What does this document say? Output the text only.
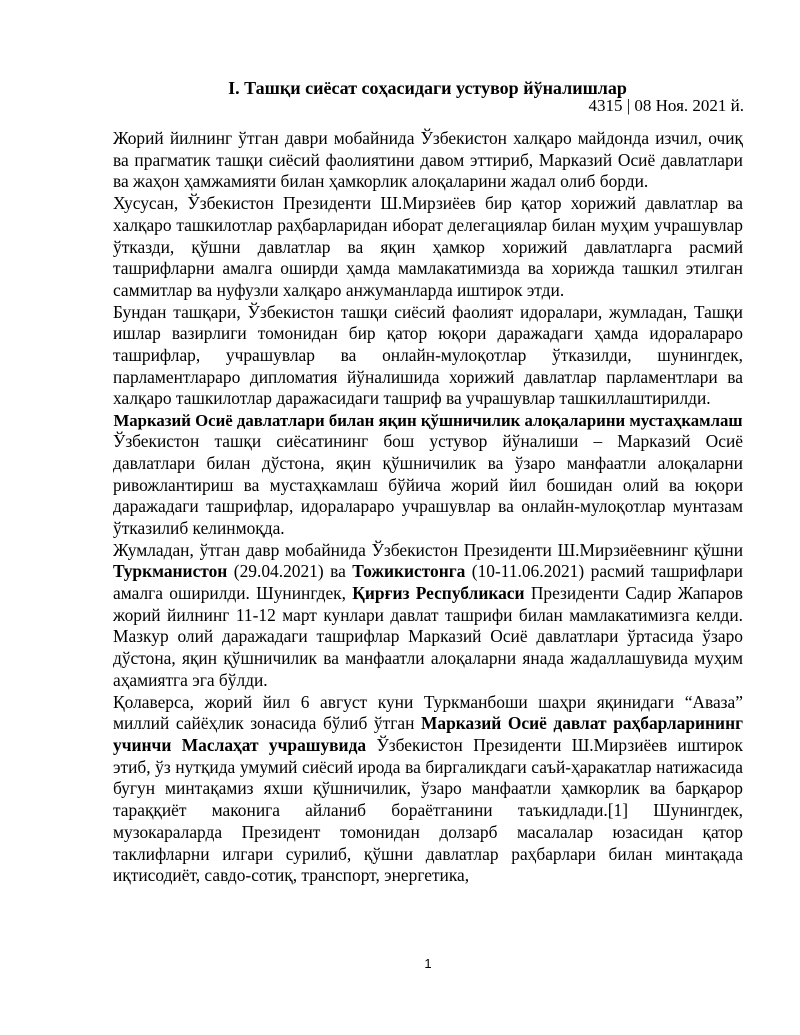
I. Ташқи сиёсат соҳасидаги устувор йўналишлар
4315 | 08 Ноя. 2021 й.

Жорий йилнинг ўтган даври мобайнида Ўзбекистон халқаро майдонда изчил, очиқ ва прагматик ташқи сиёсий фаолиятини давом эттириб, Марказий Осиё давлатлари ва жаҳон ҳамжамияти билан ҳамкорлик алоқаларини жадал олиб борди.

Хусусан, Ўзбекистон Президенти Ш.Мирзиёев бир қатор хорижий давлатлар ва халқаро ташкилотлар раҳбарларидан иборат делегациялар билан муҳим учрашувлар ўтказди, қўшни давлатлар ва яқин ҳамкор хорижий давлатларга расмий ташрифларни амалга оширди ҳамда мамлакатимизда ва хорижда ташкил этилган саммитлар ва нуфузли халқаро анжуманларда иштирок этди.

Бундан ташқари, Ўзбекистон ташқи сиёсий фаолият идоралари, жумладан, Ташқи ишлар вазирлиги томонидан бир қатор юқори даражадаги ҳамда идоралараро ташрифлар, учрашувлар ва онлайн-мулоқотлар ўтказилди, шунингдек, парламентлараро дипломатия йўналишида хорижий давлатлар парламентлари ва халқаро ташкилотлар даражасидаги ташриф ва учрашувлар ташкиллаштирилди.

Марказий Осиё давлатлари билан яқин қўшничилик алоқаларини мустаҳкамлаш

Ўзбекистон ташқи сиёсатининг бош устувор йўналиши – Марказий Осиё давлатлари билан дўстона, яқин қўшничилик ва ўзаро манфаатли алоқаларни ривожлантириш ва мустаҳкамлаш бўйича жорий йил бошидан олий ва юқори даражадаги ташрифлар, идоралараро учрашувлар ва онлайн-мулоқотлар мунтазам ўтказилиб келинмоқда.

Жумладан, ўтган давр мобайнида Ўзбекистон Президенти Ш.Мирзиёевнинг қўшни Туркманистон (29.04.2021) ва Тожикистонга (10-11.06.2021) расмий ташрифлари амалга оширилди. Шунингдек, Қирғиз Республикаси Президенти Садир Жапаров жорий йилнинг 11-12 март кунлари давлат ташрифи билан мамлакатимизга келди. Мазкур олий даражадаги ташрифлар Марказий Осиё давлатлари ўртасида ўзаро дўстона, яқин қўшничилик ва манфаатли алоқаларни янада жадаллашувида муҳим аҳамиятга эга бўлди.

Қолаверса, жорий йил 6 август куни Туркманбоши шаҳри яқинидаги “Аваза” миллий сайёҳлик зонасида бўлиб ўтган Марказий Осиё давлат раҳбарларининг учинчи Маслаҳат учрашувида Ўзбекистон Президенти Ш.Мирзиёев иштирок этиб, ўз нутқида умумий сиёсий ирода ва биргаликдаги саъй-ҳаракатлар натижасида бугун минтақамиз яхши қўшничилик, ўзаро манфаатли ҳамкорлик ва барқарор тараққиёт маконига айланиб бораётганини таъкидлади.[1] Шунингдек, музокараларда Президент томонидан долзарб масалалар юзасидан қатор таклифларни илгари сурилиб, қўшни давлатлар раҳбарлари билан минтақада иқтисодиёт, савдо-сотиқ, транспорт, энергетика,

1
